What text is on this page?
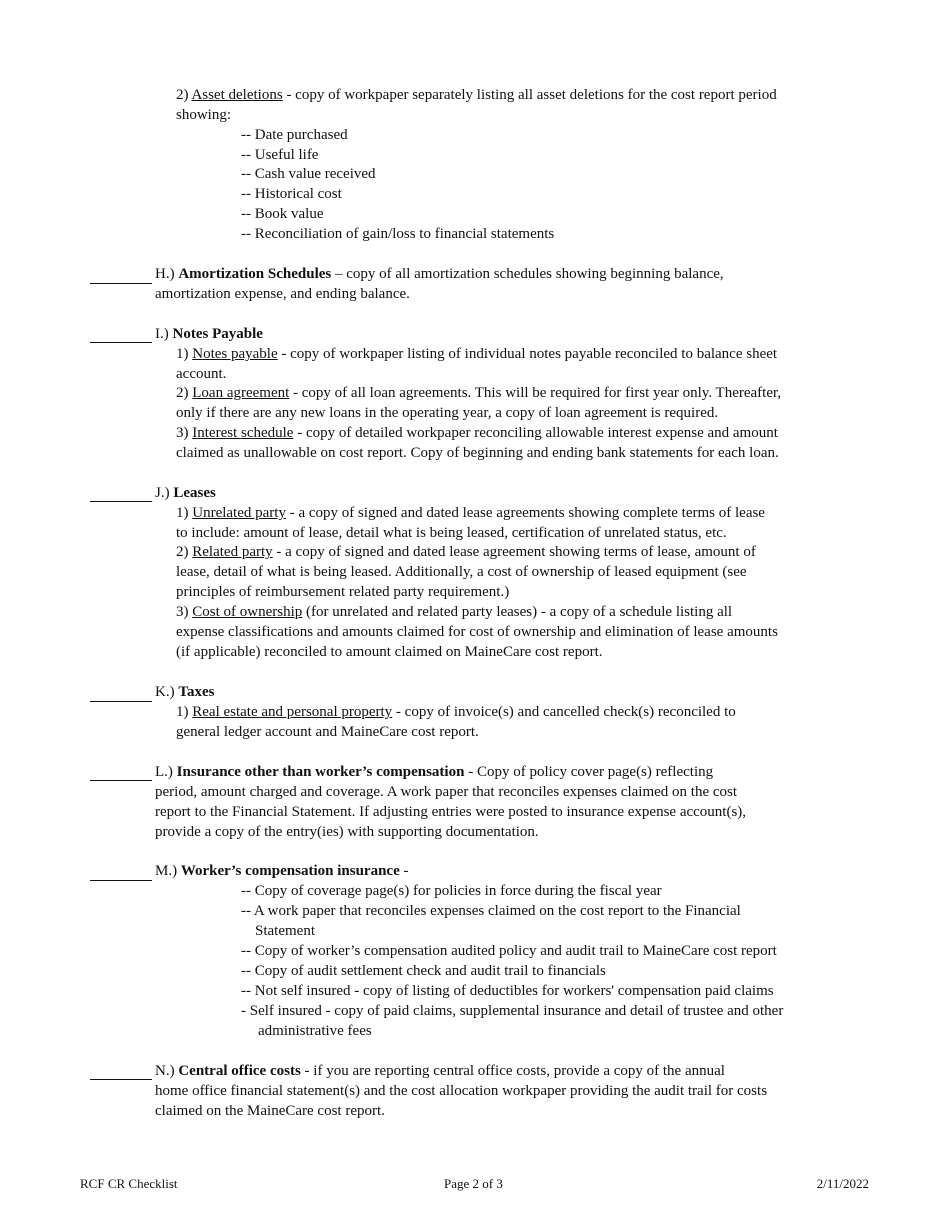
2) Asset deletions - copy of workpaper separately listing all asset deletions for the cost report period
showing:
-- Date purchased
-- Useful life
-- Cash value received
-- Historical cost
-- Book value
-- Reconciliation of gain/loss to financial statements
H.) Amortization Schedules – copy of all amortization schedules showing beginning balance,
amortization expense, and ending balance.
I.) Notes Payable
1) Notes payable - copy of workpaper listing of individual notes payable reconciled to balance sheet
account.
2) Loan agreement - copy of all loan agreements. This will be required for first year only. Thereafter,
only if there are any new loans in the operating year, a copy of loan agreement is required.
3) Interest schedule - copy of detailed workpaper reconciling allowable interest expense and amount
claimed as unallowable on cost report. Copy of beginning and ending bank statements for each loan.
J.) Leases
1) Unrelated party - a copy of signed and dated lease agreements showing complete terms of lease
to include: amount of lease, detail what is being leased, certification of unrelated status, etc.
2) Related party - a copy of signed and dated lease agreement showing terms of lease, amount of
lease, detail of what is being leased. Additionally, a cost of ownership of leased equipment (see
principles of reimbursement related party requirement.)
3) Cost of ownership (for unrelated and related party leases) - a copy of a schedule listing all
expense classifications and amounts claimed for cost of ownership and elimination of lease amounts
(if applicable) reconciled to amount claimed on MaineCare cost report.
K.) Taxes
1) Real estate and personal property - copy of invoice(s) and cancelled check(s) reconciled to
general ledger account and MaineCare cost report.
L.) Insurance other than worker’s compensation - Copy of policy cover page(s) reflecting
period, amount charged and coverage. A work paper that reconciles expenses claimed on the cost
report to the Financial Statement. If adjusting entries were posted to insurance expense account(s),
provide a copy of the entry(ies) with supporting documentation.
M.) Worker’s compensation insurance -
-- Copy of coverage page(s) for policies in force during the fiscal year
-- A work paper that reconciles expenses claimed on the cost report to the Financial
Statement
-- Copy of worker’s compensation audited policy and audit trail to MaineCare cost report
-- Copy of audit settlement check and audit trail to financials
-- Not self insured - copy of listing of deductibles for workers' compensation paid claims
- Self insured - copy of paid claims, supplemental insurance and detail of trustee and other
administrative fees
N.) Central office costs - if you are reporting central office costs, provide a copy of the annual
home office financial statement(s) and the cost allocation workpaper providing the audit trail for costs
claimed on the MaineCare cost report.
RCF CR Checklist	Page 2 of 3	2/11/2022
